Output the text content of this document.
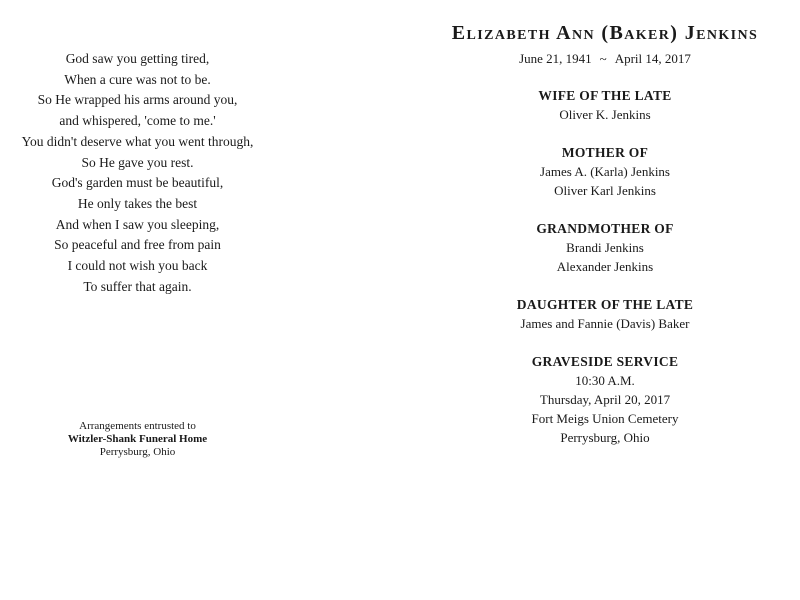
God saw you getting tired,
When a cure was not to be.
So He wrapped his arms around you,
and whispered, 'come to me.'
You didn't deserve what you went through,
So He gave you rest.
God's garden must be beautiful,
He only takes the best
And when I saw you sleeping,
So peaceful and free from pain
I could not wish you back
To suffer that again.
Arrangements entrusted to
Witzler-Shank Funeral Home
Perrysburg, Ohio
Elizabeth Ann (Baker) Jenkins
June 21, 1941 ~ April 14, 2017
WIFE OF THE LATE
Oliver K. Jenkins
MOTHER OF
James A. (Karla) Jenkins
Oliver Karl Jenkins
GRANDMOTHER OF
Brandi Jenkins
Alexander Jenkins
DAUGHTER OF THE LATE
James and Fannie (Davis) Baker
GRAVESIDE SERVICE
10:30 A.M.
Thursday, April 20, 2017
Fort Meigs Union Cemetery
Perrysburg, Ohio
